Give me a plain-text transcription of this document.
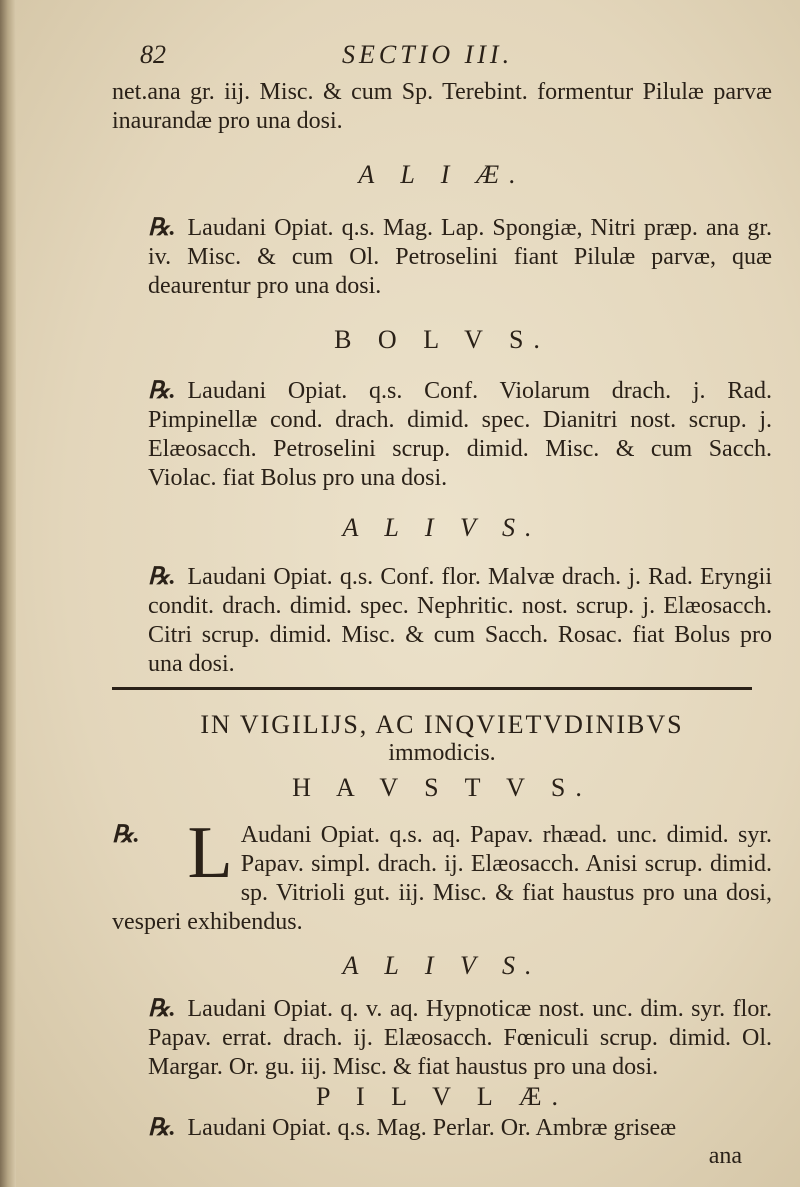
82	SECTIO III.

net.ana gr. iij. Misc. & cum Sp. Terebint. formentur Pilulæ parvæ inaurandæ pro una dosi.

A L I Æ.

℞. Laudani Opiat. q.s. Mag. Lap. Spongiæ, Nitri præp. ana gr. iv. Misc. & cum Ol. Petroselini fiant Pilulæ parvæ, quæ deaurentur pro una dosi.

B O L V S.

℞. Laudani Opiat. q.s. Conf. Violarum drach. j. Rad. Pimpinellæ cond. drach. dimid. spec. Dianitri nost. scrup. j. Elæosacch. Petroselini scrup. dimid. Misc. & cum Sacch. Violac. fiat Bolus pro una dosi.

A L I V S.

℞. Laudani Opiat. q.s. Conf. flor. Malvæ drach. j. Rad. Eryngii condit. drach. dimid. spec. Nephritic. nost. scrup. j. Elæosacch. Citri scrup. dimid. Misc. & cum Sacch. Rosac. fiat Bolus pro una dosi.

IN VIGILIJS, AC INQVIETVDINIBVS

immodicis.

H A V S T V S.

℞. L Audani Opiat. q.s. aq. Papav. rhæad. unc. dimid. syr. Papav. simpl. drach. ij. Elæosacch. Anisi scrup. dimid. sp. Vitrioli gut. iij. Misc. & fiat haustus pro una dosi, vesperi exhibendus.

A L I V S.

℞. Laudani Opiat. q. v. aq. Hypnoticæ nost. unc. dim. syr. flor. Papav. errat. drach. ij. Elæosacch. Fœniculi scrup. dimid. Ol. Margar. Or. gu. iij. Misc. & fiat haustus pro una dosi.

P I L V L Æ.

℞. Laudani Opiat. q.s. Mag. Perlar. Or. Ambræ griseæ

ana
